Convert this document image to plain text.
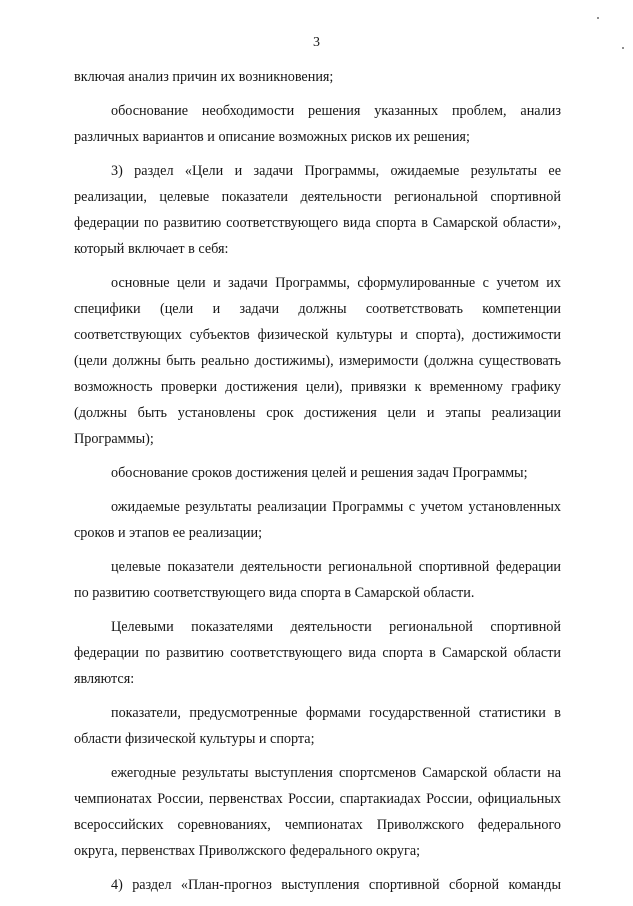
3

включая анализ причин их возникновения;

обоснование необходимости решения указанных проблем, анализ различных вариантов и описание возможных рисков их решения;

3) раздел «Цели и задачи Программы, ожидаемые результаты ее реализации, целевые показатели деятельности региональной спортивной федерации по развитию соответствующего вида спорта в Самарской области», который включает в себя:

основные цели и задачи Программы, сформулированные с учетом их специфики (цели и задачи должны соответствовать компетенции соответствующих субъектов физической культуры и спорта), достижимости (цели должны быть реально достижимы), измеримости (должна существовать возможность проверки достижения цели), привязки к временному графику (должны быть установлены срок достижения цели и этапы реализации Программы);

обоснование сроков достижения целей и решения задач Программы;

ожидаемые результаты реализации Программы с учетом установленных сроков и этапов ее реализации;

целевые показатели деятельности региональной спортивной федерации по развитию соответствующего вида спорта в Самарской области.

Целевыми показателями деятельности региональной спортивной федерации по развитию соответствующего вида спорта в Самарской области являются:

показатели, предусмотренные формами государственной статистики в области физической культуры и спорта;

ежегодные результаты выступления спортсменов Самарской области на чемпионатах России, первенствах России, спартакиадах России, официальных всероссийских соревнованиях, чемпионатах Приволжского федерального округа, первенствах Приволжского федерального округа;

4) раздел «План-прогноз выступления спортивной сборной команды
